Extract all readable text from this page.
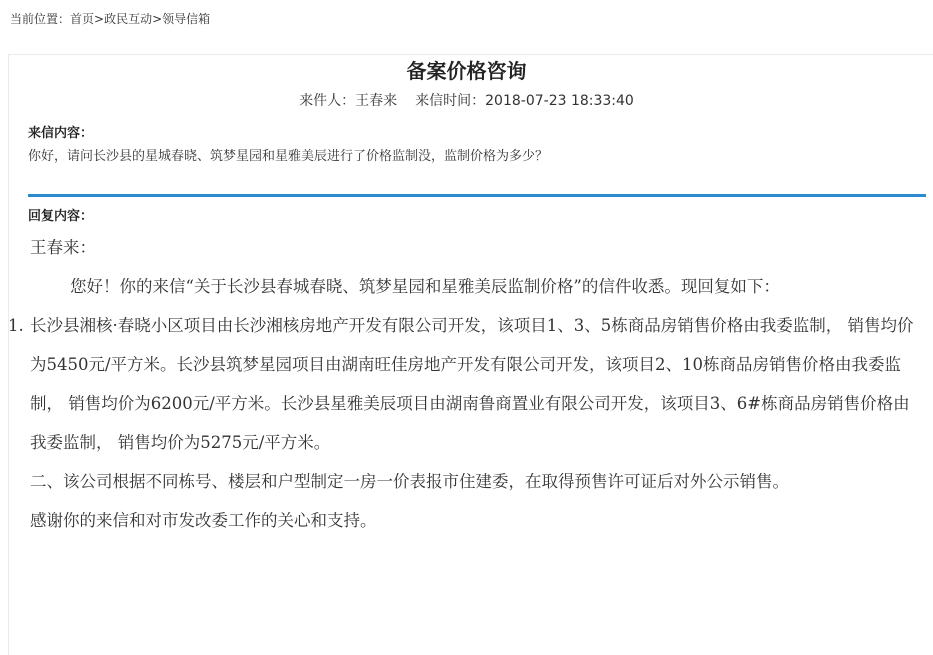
当前位置：首页>政民互动>领导信箱
备案价格咨询
来件人：王春来 来信时间：2018-07-23 18:33:40
来信内容：
你好，请问长沙县的星城春晓、筑梦星园和星雅美辰进行了价格监制没，监制价格为多少？
回复内容：

王春来：

您好！你的来信“关于长沙县春城春晓、筑梦星园和星雅美辰监制价格”的信件收悉。现回复如下：

1. 长沙县湘核·春晓小区项目由长沙湘核房地产开发有限公司开发，该项目1、3、5栋商品房销售价格由我委监制， 销售均价为5450元/平方米。长沙县筑梦星园项目由湖南旺佳房地产开发有限公司开发，该项目2、10栋商品房销售价格由我委监制， 销售均价为6200元/平方米。长沙县星雅美辰项目由湖南鲁商置业有限公司开发，该项目3、6#栋商品房销售价格由我委监制， 销售均价为5275元/平方米。

二、该公司根据不同栋号、楼层和户型制定一房一价表报市住建委，在取得预售许可证后对外公示销售。

感谢你的来信和对市发改委工作的关心和支持。
